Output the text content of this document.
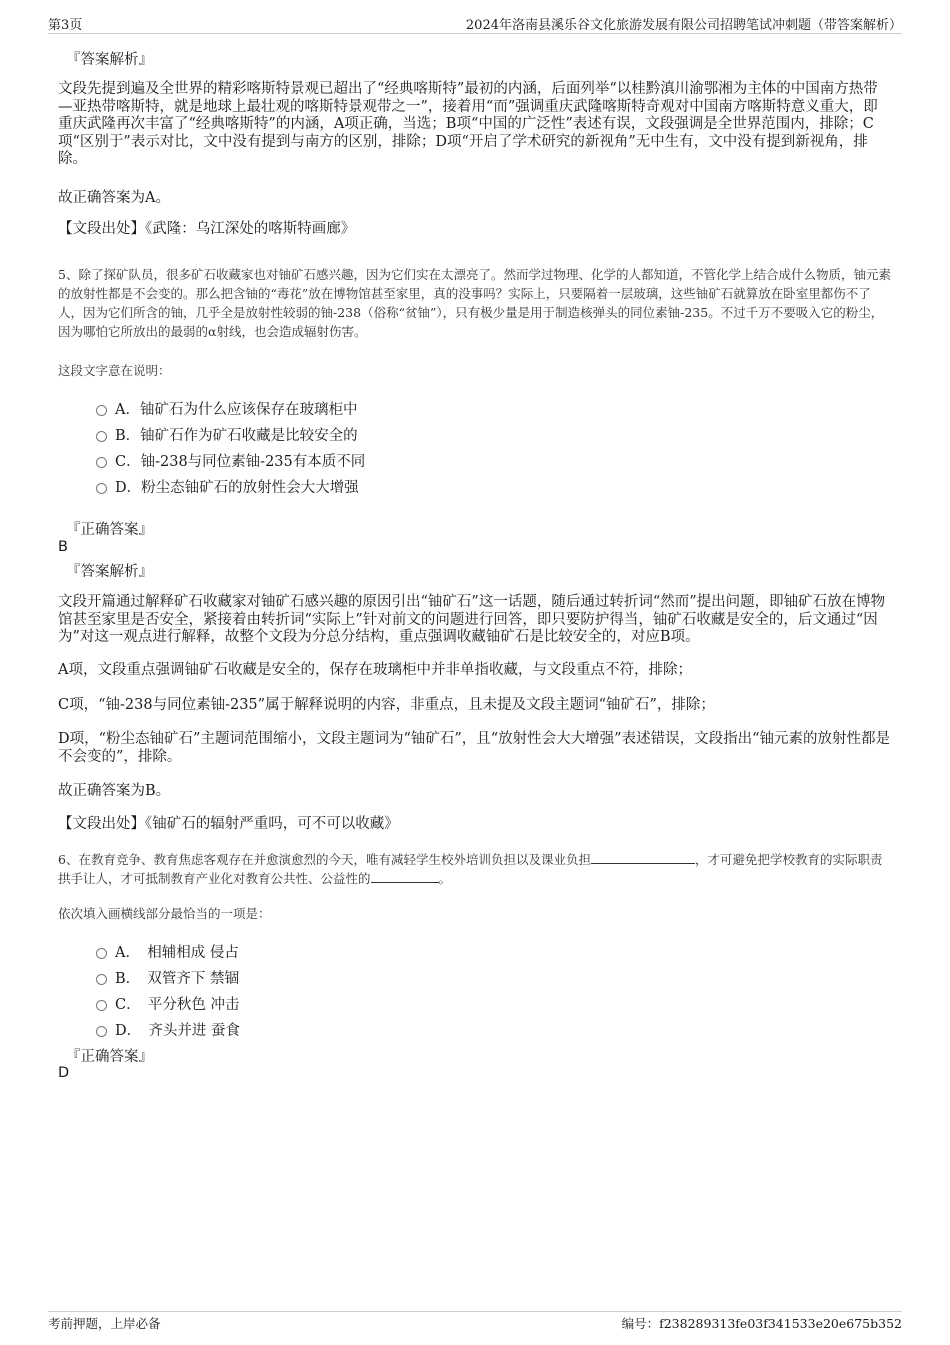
第3页	2024年洛南县溪乐谷文化旅游发展有限公司招聘笔试冲刺题（带答案解析）
『答案解析』
文段先提到遍及全世界的精彩喀斯特景观已超出了“经典喀斯特”最初的内涵，后面列举“以桂黔滇川渝鄂湘为主体的中国南方热带—亚热带喀斯特，就是地球上最壮观的喀斯特景观带之一”，接着用“而”强调重庆武隆喀斯特奇观对中国南方喀斯特意义重大，即重庆武隆再次丰富了“经典喀斯特”的内涵，A项正确，当选；B项“中国的广泛性”表述有误，文段强调是全世界范围内，排除；C项“区别于”表示对比，文中没有提到与南方的区别，排除；D项“开启了学术研究的新视角”无中生有，文中没有提到新视角，排除。
故正确答案为A。
【文段出处】《武隆：乌江深处的喀斯特画廊》
5、除了探矿队员，很多矿石收藏家也对铀矿石感兴趣，因为它们实在太漂亮了。然而学过物理、化学的人都知道，不管化学上结合成什么物质，铀元素的放射性都是不会变的。那么把含铀的“毒花”放在博物馆甚至家里，真的没事吗？实际上，只要隔着一层玻璃，这些铀矿石就算放在卧室里都伤不了人，因为它们所含的铀，几乎全是放射性较弱的铀-238（俗称“贫铀”），只有极少量是用于制造核弹头的同位素铀-235。不过千万不要吸入它的粉尘，因为哪怕它所放出的最弱的α射线，也会造成辐射伤害。
这段文字意在说明：
A．铀矿石为什么应该保存在玻璃柜中
B．铀矿石作为矿石收藏是比较安全的
C．铀-238与同位素铀-235有本质不同
D．粉尘态铀矿石的放射性会大大增强
『正确答案』
B
『答案解析』
文段开篇通过解释矿石收藏家对铀矿石感兴趣的原因引出“铀矿石”这一话题，随后通过转折词“然而”提出问题，即铀矿石放在博物馆甚至家里是否安全，紧接着由转折词“实际上”针对前文的问题进行回答，即只要防护得当，铀矿石收藏是安全的，后文通过“因为”对这一观点进行解释，故整个文段为分总分结构，重点强调收藏铀矿石是比较安全的，对应B项。
A项，文段重点强调铀矿石收藏是安全的，保存在玻璃柜中并非单指收藏，与文段重点不符，排除；
C项，“铀-238与同位素铀-235”属于解释说明的内容，非重点，且未提及文段主题词“铀矿石”，排除；
D项，“粉尘态铀矿石”主题词范围缩小，文段主题词为“铀矿石”，且“放射性会大大增强”表述错误，文段指出“铀元素的放射性都是不会变的”，排除。
故正确答案为B。
【文段出处】《铀矿石的辐射严重吗，可不可以收藏》
6、在教育竞争、教育焦虑客观存在并愈演愈烈的今天，唯有减轻学生校外培训负担以及课业负担	，才可避免把学校教育的实际职责拱手让人，才可抵制教育产业化对教育公共性、公益性的	。
依次填入画横线部分最恰当的一项是：
A．　相辅相成 侵占
B．　双管齐下 禁锢
C．　平分秋色 冲击
D．　齐头并进 蚕食
『正确答案』
D
考前押题，上岸必备	编号：f238289313fe03f341533e20e675b352
